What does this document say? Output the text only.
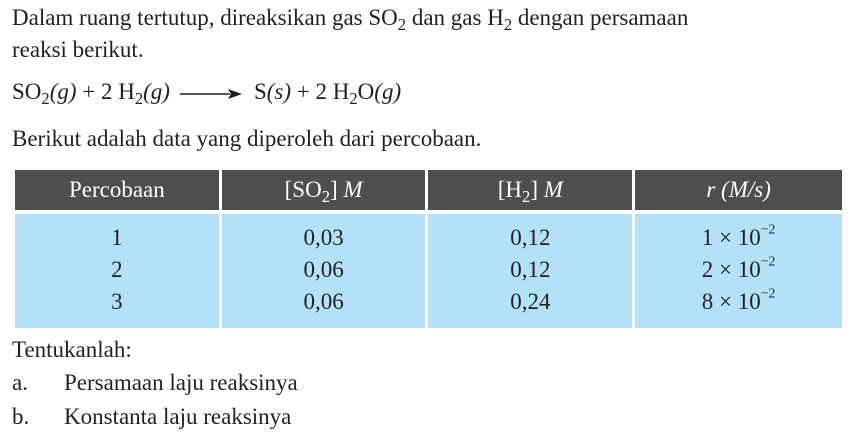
Dalam ruang tertutup, direaksikan gas $SO_2$ dan gas $H_2$ dengan persamaan
reaksi berikut.
$SO_2(g) + 2$ $H_2(g) \to S(s) + 2$ $H_2O(g)$
Berikut adalah data yang diperoleh dari percobaan.
Percobaan	$[SO_2]$ M	$[H_2]$ M	r (M/s)

1	0,03	0,12	$1 \times 10^{-2}$
2	0,06	0,12	$2 \times 10^{-2}$
3	0,06	0,24	$8 \times 10^{-2}$
Tentukanlah:
a. Persamaan laju reaksinya
b. Konstanta laju reaksinya
